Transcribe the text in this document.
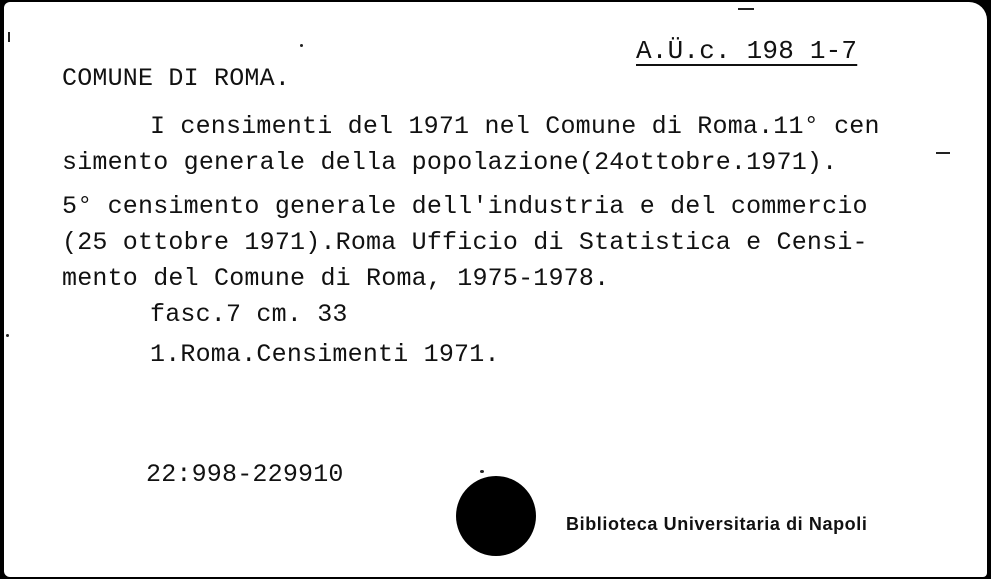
A.Ü.c. 198 1-7
COMUNE DI ROMA.
I censimenti del 1971 nel Comune di Roma.11° cen
simento generale della popolazione(24ottobre.1971).
5° censimento generale dell'industria e del commercio
(25 ottobre 1971).Roma Ufficio di Statistica e Censi-
mento del Comune di Roma, 1975-1978.
fasc.7 cm. 33
1.Roma.Censimenti 1971.
22:998-229910
Biblioteca Universitaria di Napoli
